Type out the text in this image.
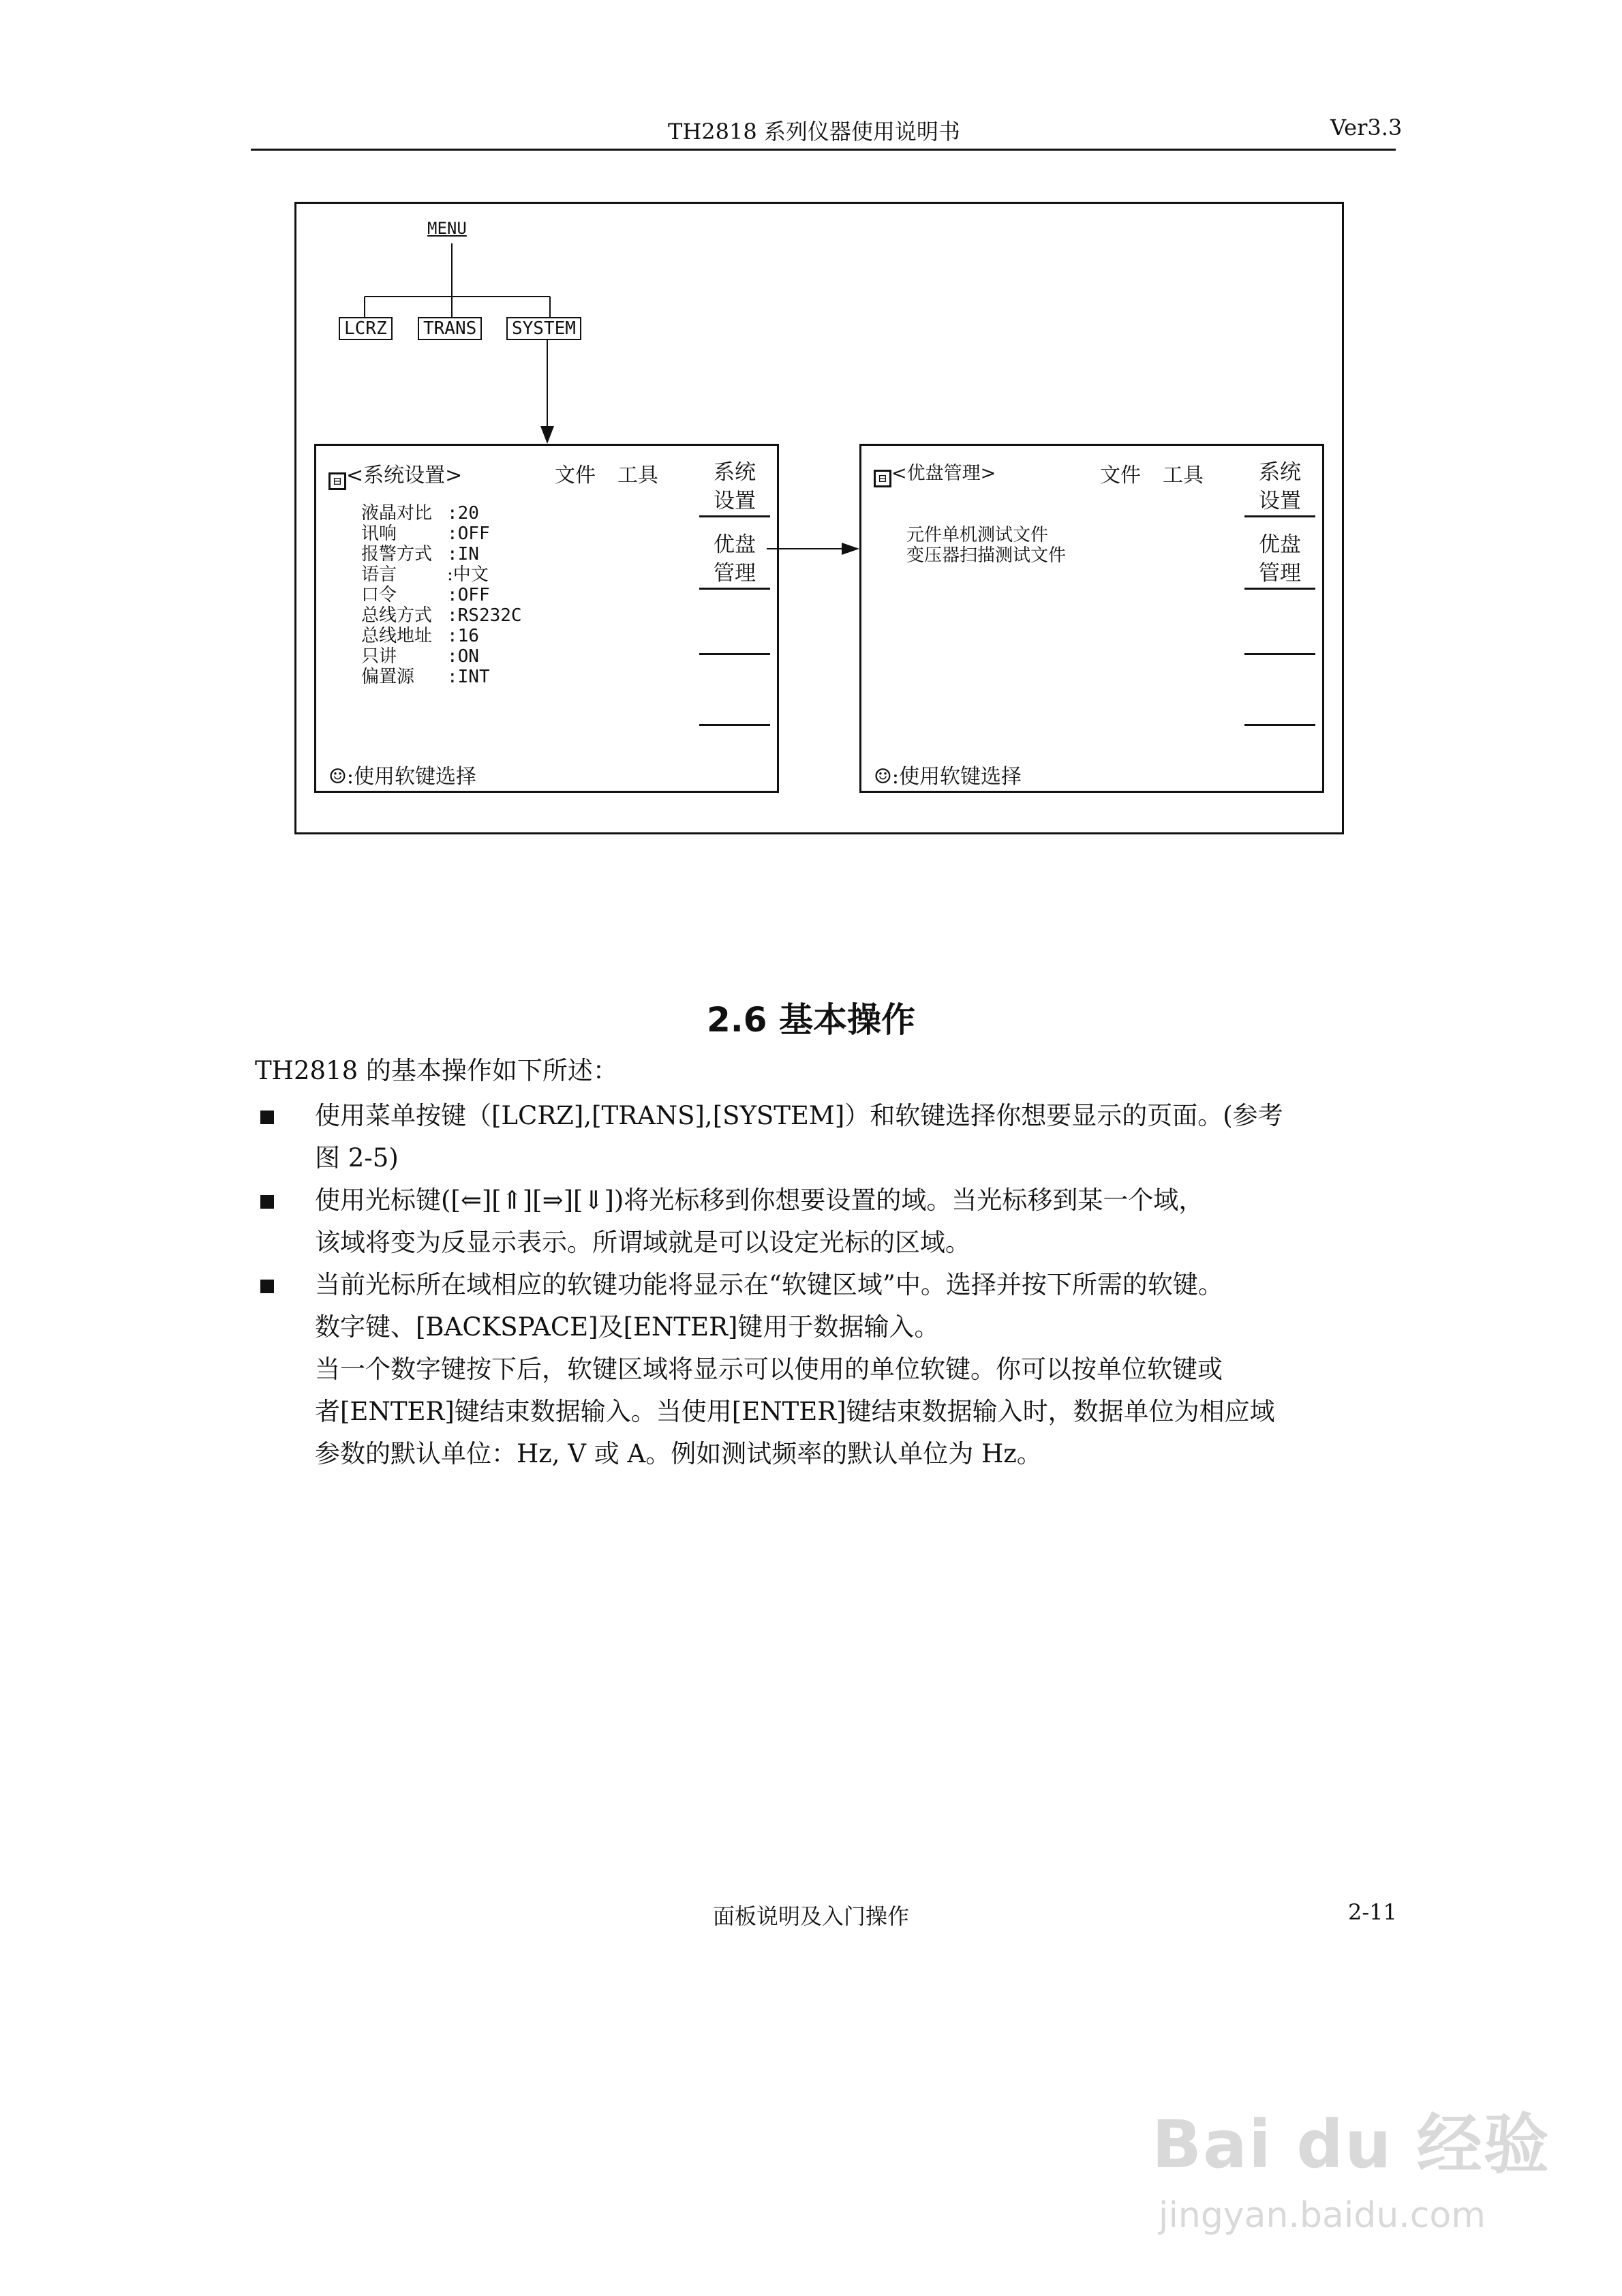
TH2818 系列仪器使用说明书	Ver3.3
MENU
LCRZ	TRANS	SYSTEM
⊟ <系统设置>	文件 工具
液晶对比 :20
讯响	:OFF
报警方式 :IN
语言	:中文
口令	:OFF
总线方式 :RS232C
总线地址 :16
只讲	:ON
偏置源 :INT
系统
设置
优盘
管理
☺:使用软键选择
⊟ <优盘管理>	文件 工具
元件单机测试文件
变压器扫描测试文件
系统
设置
优盘
管理
☺:使用软键选择
2.6 基本操作
TH2818 的基本操作如下所述：
使用菜单按键（[LCRZ],[TRANS],[SYSTEM]）和软键选择你想要显示的页面。(参考
图 2-5)
使用光标键([⇐][⇑][⇒][⇓])将光标移到你想要设置的域。当光标移到某一个域，
该域将变为反显示表示。所谓域就是可以设定光标的区域。
当前光标所在域相应的软键功能将显示在“软键区域”中。选择并按下所需的软键。
数字键、[BACKSPACE]及[ENTER]键用于数据输入。
当一个数字键按下后，软键区域将显示可以使用的单位软键。你可以按单位软键或
者[ENTER]键结束数据输入。当使用[ENTER]键结束数据输入时，数据单位为相应域
参数的默认单位：Hz, V 或 A。例如测试频率的默认单位为 Hz。
面板说明及入门操作	2-11
Bai du 经验
jingyan.baidu.com
